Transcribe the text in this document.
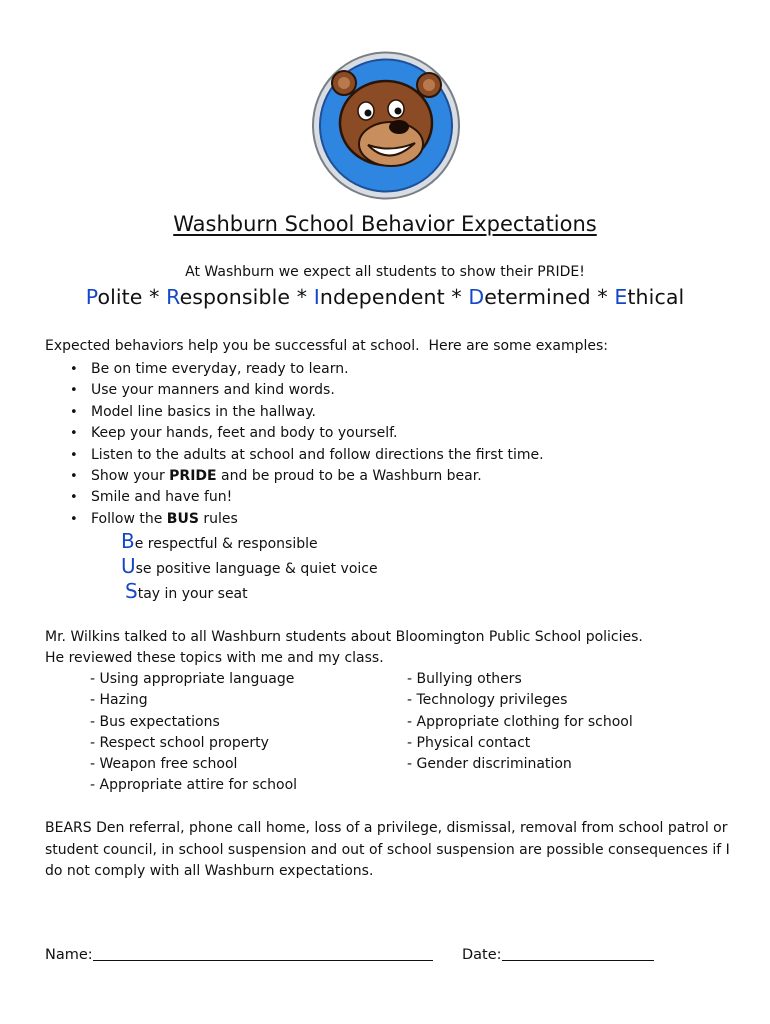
Washburn School Behavior Expectations
At Washburn we expect all students to show their PRIDE!
Polite * Responsible * Independent * Determined * Ethical
Expected behaviors help you be successful at school.  Here are some examples:
• Be on time everyday, ready to learn.
• Use your manners and kind words.
• Model line basics in the hallway.
• Keep your hands, feet and body to yourself.
• Listen to the adults at school and follow directions the first time.
• Show your PRIDE and be proud to be a Washburn bear.
• Smile and have fun!
• Follow the BUS rules
Be respectful & responsible
Use positive language & quiet voice
Stay in your seat
Mr. Wilkins talked to all Washburn students about Bloomington Public School policies.
He reviewed these topics with me and my class.
- Using appropriate language
- Hazing
- Bus expectations
- Respect school property
- Weapon free school
- Appropriate attire for school
- Bullying others
- Technology privileges
- Appropriate clothing for school
- Physical contact
- Gender discrimination
BEARS Den referral, phone call home, loss of a privilege, dismissal, removal from school patrol or student council, in school suspension and out of school suspension are possible consequences if I do not comply with all Washburn expectations.
Name:	Date:
